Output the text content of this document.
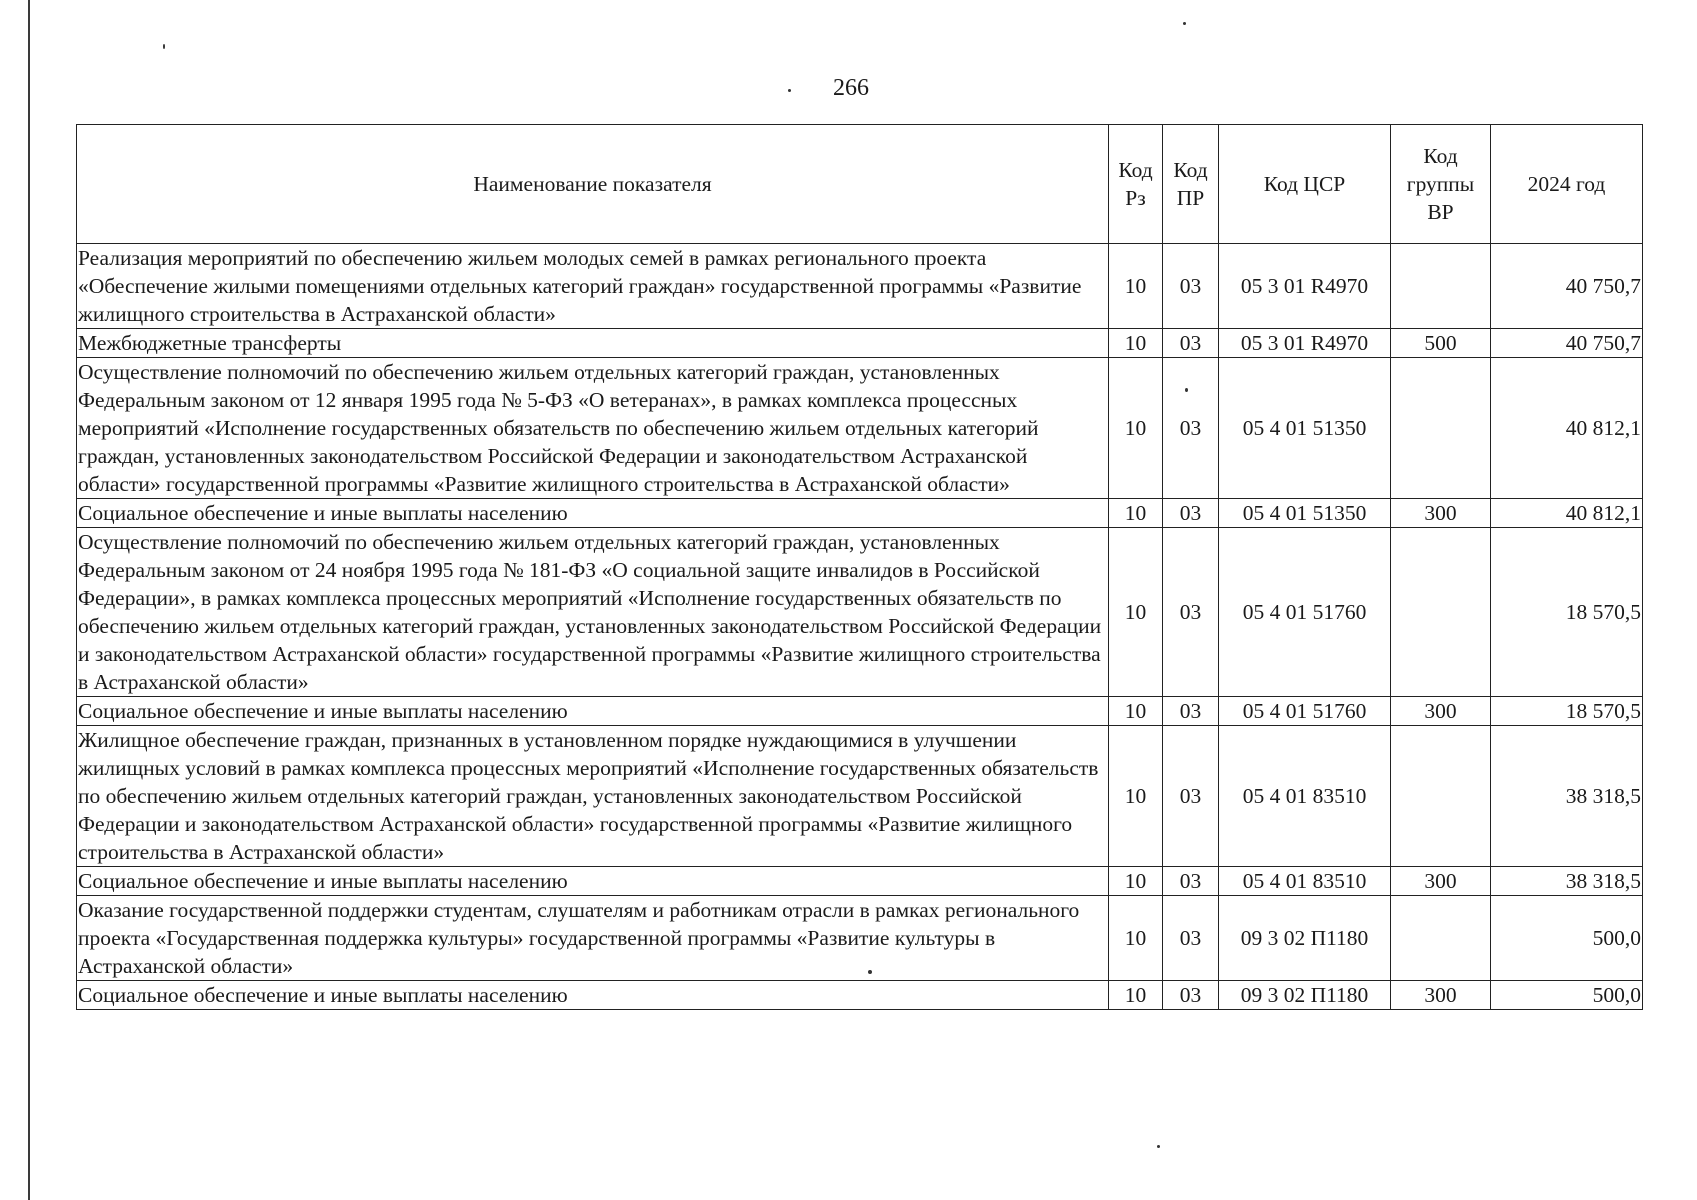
266
Наименование показателя	Код Рз	Код ПР	Код ЦСР	Код группы ВР	2024 год
Реализация мероприятий по обеспечению жильем молодых семей в рамках регионального проекта «Обеспечение жилыми помещениями отдельных категорий граждан» государственной программы «Развитие жилищного строительства в Астраханской области»	10	03	05 3 01 R4970		40 750,7
Межбюджетные трансферты	10	03	05 3 01 R4970	500	40 750,7
Осуществление полномочий по обеспечению жильем отдельных категорий граждан, установленных Федеральным законом от 12 января 1995 года № 5-ФЗ «О ветеранах», в рамках комплекса процессных мероприятий «Исполнение государственных обязательств по обеспечению жильем отдельных категорий граждан, установленных законодательством Российской Федерации и законодательством Астраханской области» государственной программы «Развитие жилищного строительства в Астраханской области»	10	03	05 4 01 51350		40 812,1
Социальное обеспечение и иные выплаты населению	10	03	05 4 01 51350	300	40 812,1
Осуществление полномочий по обеспечению жильем отдельных категорий граждан, установленных Федеральным законом от 24 ноября 1995 года № 181-ФЗ «О социальной защите инвалидов в Российской Федерации», в рамках комплекса процессных мероприятий «Исполнение государственных обязательств по обеспечению жильем отдельных категорий граждан, установленных законодательством Российской Федерации и законодательством Астраханской области» государственной программы «Развитие жилищного строительства в Астраханской области»	10	03	05 4 01 51760		18 570,5
Социальное обеспечение и иные выплаты населению	10	03	05 4 01 51760	300	18 570,5
Жилищное обеспечение граждан, признанных в установленном порядке нуждающимися в улучшении жилищных условий в рамках комплекса процессных мероприятий «Исполнение государственных обязательств по обеспечению жильем отдельных категорий граждан, установленных законодательством Российской Федерации и законодательством Астраханской области» государственной программы «Развитие жилищного строительства в Астраханской области»	10	03	05 4 01 83510		38 318,5
Социальное обеспечение и иные выплаты населению	10	03	05 4 01 83510	300	38 318,5
Оказание государственной поддержки студентам, слушателям и работникам отрасли в рамках регионального проекта «Государственная поддержка культуры» государственной программы «Развитие культуры в Астраханской области»	10	03	09 3 02 П1180		500,0
Социальное обеспечение и иные выплаты населению	10	03	09 3 02 П1180	300	500,0
